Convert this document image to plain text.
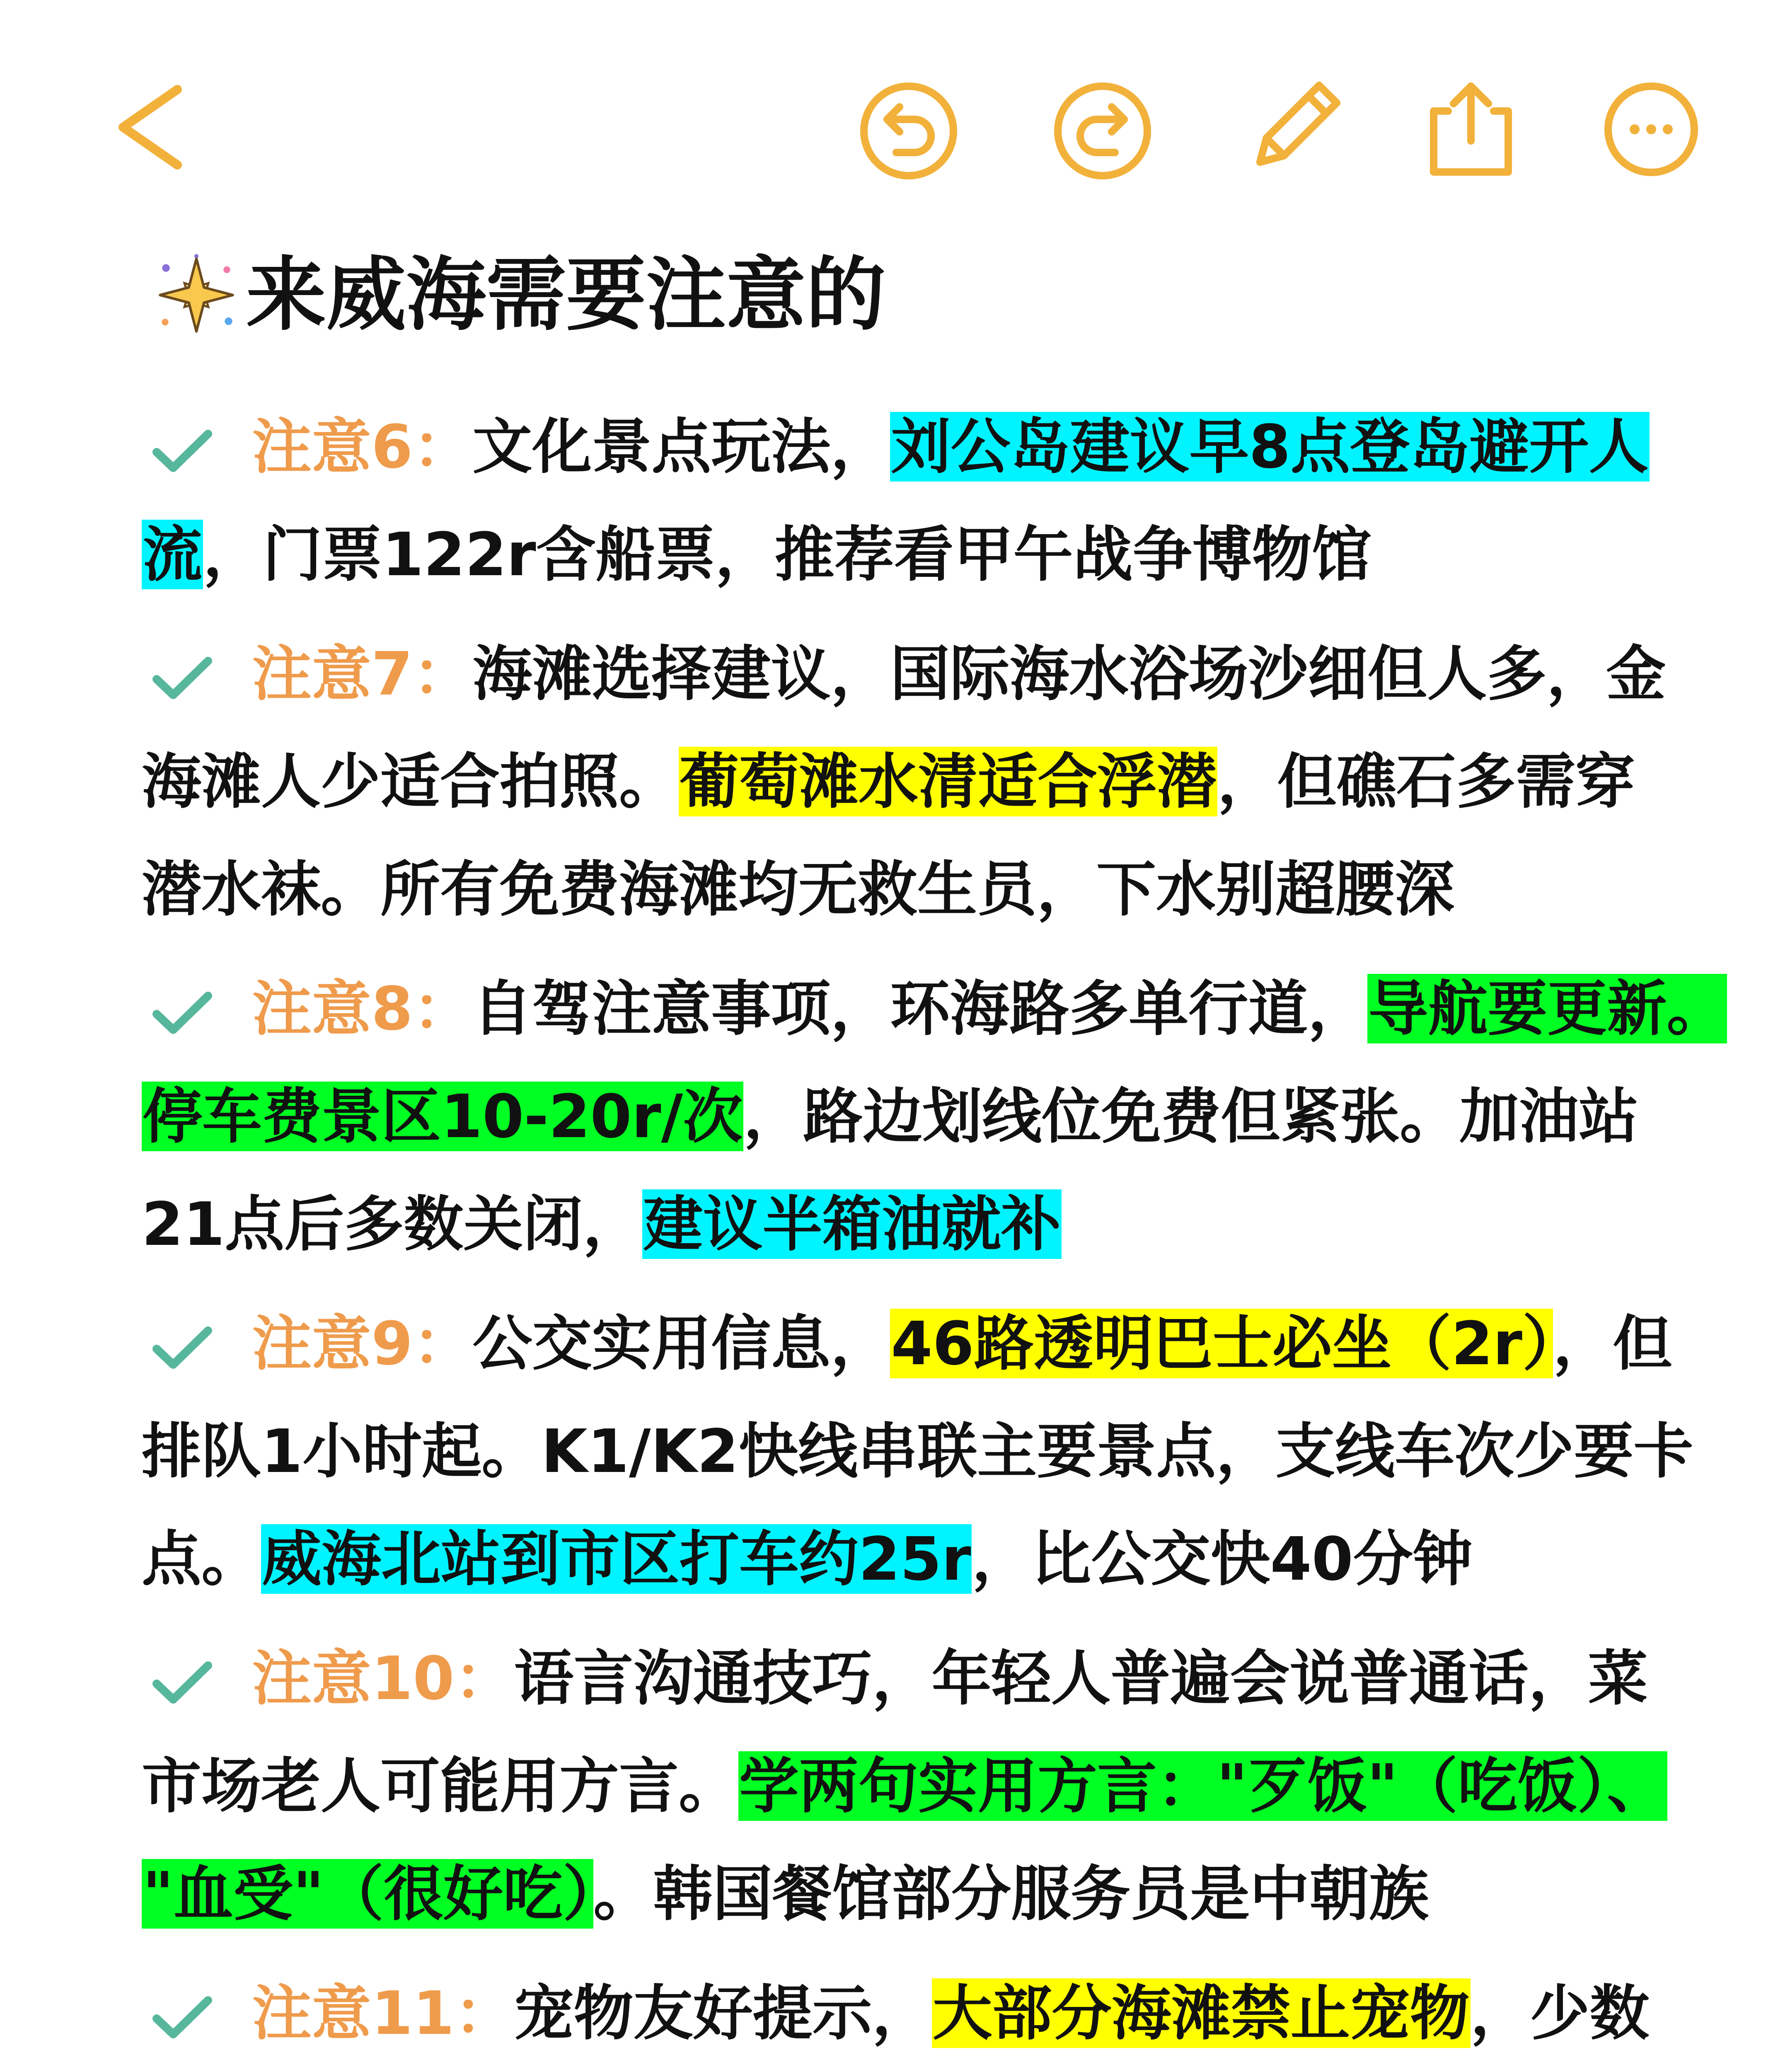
来威海需要注意的
注意6：文化景点玩法，刘公岛建议早8点登岛避开人
流，门票122r含船票，推荐看甲午战争博物馆
注意7：海滩选择建议，国际海水浴场沙细但人多，金
海滩人少适合拍照。葡萄滩水清适合浮潜，但礁石多需穿
潜水袜。所有免费海滩均无救生员，下水别超腰深
注意8：自驾注意事项，环海路多单行道，导航要更新。
停车费景区10-20r/次，路边划线位免费但紧张。加油站
21点后多数关闭，建议半箱油就补
注意9：公交实用信息，46路透明巴士必坐（2r），但
排队1小时起。K1/K2快线串联主要景点，支线车次少要卡
点。威海北站到市区打车约25r，比公交快40分钟
注意10：语言沟通技巧，年轻人普遍会说普通话，菜
市场老人可能用方言。学两句实用方言："歹饭"（吃饭）、
"血受"（很好吃）。韩国餐馆部分服务员是中朝族
注意11：宠物友好提示，大部分海滩禁止宠物，少数
